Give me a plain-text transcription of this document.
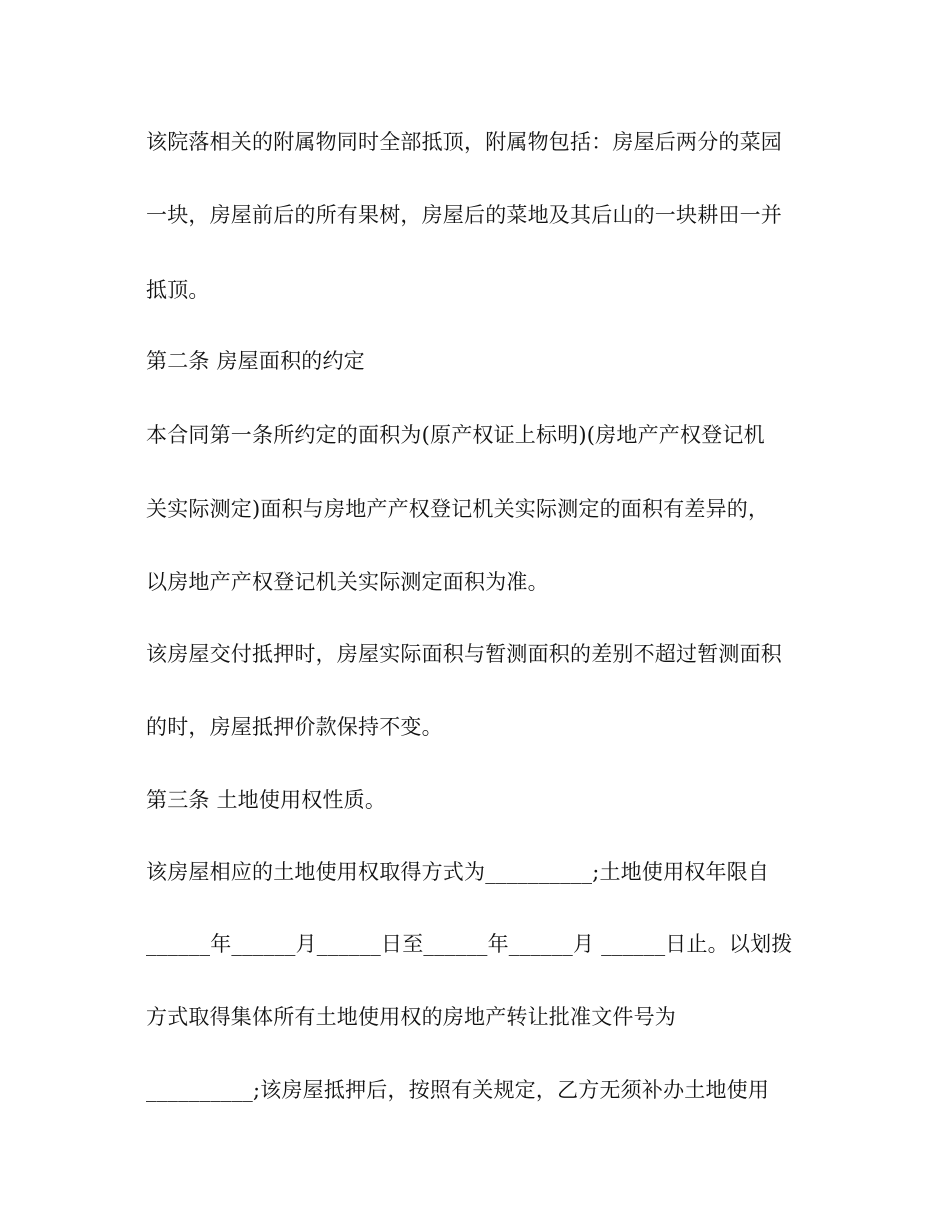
该院落相关的附属物同时全部抵顶，附属物包括：房屋后两分的菜园
一块，房屋前后的所有果树，房屋后的菜地及其后山的一块耕田一并
抵顶。
第二条 房屋面积的约定
本合同第一条所约定的面积为(原产权证上标明)(房地产产权登记机
关实际测定)面积与房地产产权登记机关实际测定的面积有差异的，
以房地产产权登记机关实际测定面积为准。
该房屋交付抵押时，房屋实际面积与暂测面积的差别不超过暂测面积
的时，房屋抵押价款保持不变。
第三条 土地使用权性质。
该房屋相应的土地使用权取得方式为__________;土地使用权年限自
______年______月______日至______年______月 ______日止。以划拨
方式取得集体所有土地使用权的房地产转让批准文件号为
__________;该房屋抵押后，按照有关规定，乙方无须补办土地使用
